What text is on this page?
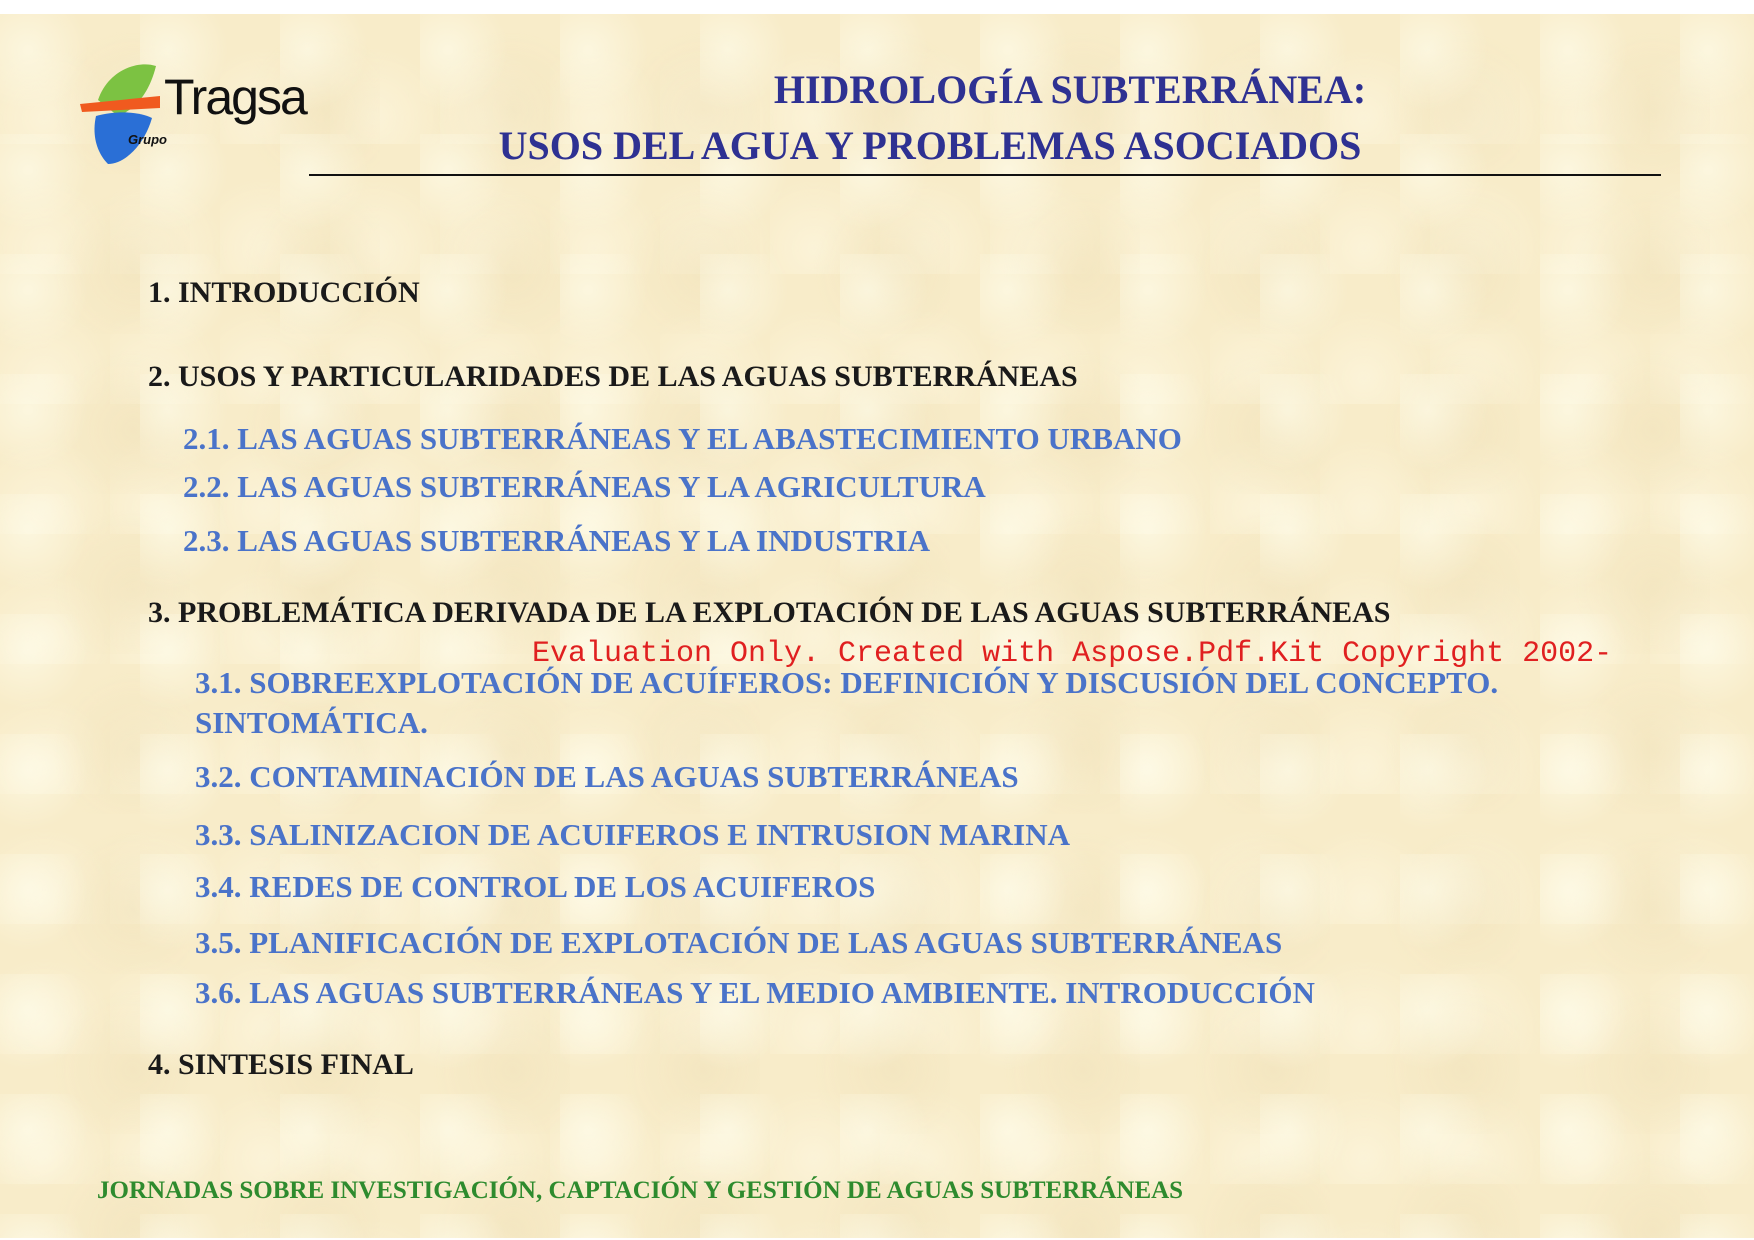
Tragsa
Grupo
HIDROLOGÍA SUBTERRÁNEA:
USOS DEL AGUA Y PROBLEMAS ASOCIADOS

1. INTRODUCCIÓN

2. USOS Y PARTICULARIDADES DE LAS AGUAS SUBTERRÁNEAS

2.1. LAS AGUAS SUBTERRÁNEAS Y EL ABASTECIMIENTO URBANO

2.2. LAS AGUAS SUBTERRÁNEAS Y LA AGRICULTURA

2.3. LAS AGUAS SUBTERRÁNEAS Y LA INDUSTRIA

3. PROBLEMÁTICA DERIVADA DE LA EXPLOTACIÓN DE LAS AGUAS SUBTERRÁNEAS

Evaluation Only. Created with Aspose.Pdf.Kit Copyright 2002-

3.1. SOBREEXPLOTACIÓN DE ACUÍFEROS: DEFINICIÓN Y DISCUSIÓN DEL CONCEPTO.

SINTOMÁTICA.

3.2. CONTAMINACIÓN DE LAS AGUAS SUBTERRÁNEAS

3.3. SALINIZACION DE ACUIFEROS E INTRUSION MARINA

3.4. REDES DE CONTROL DE LOS ACUIFEROS

3.5. PLANIFICACIÓN DE EXPLOTACIÓN DE LAS AGUAS SUBTERRÁNEAS

3.6. LAS AGUAS SUBTERRÁNEAS Y EL MEDIO AMBIENTE. INTRODUCCIÓN

4. SINTESIS FINAL

JORNADAS SOBRE INVESTIGACIÓN, CAPTACIÓN Y GESTIÓN DE AGUAS SUBTERRÁNEAS
